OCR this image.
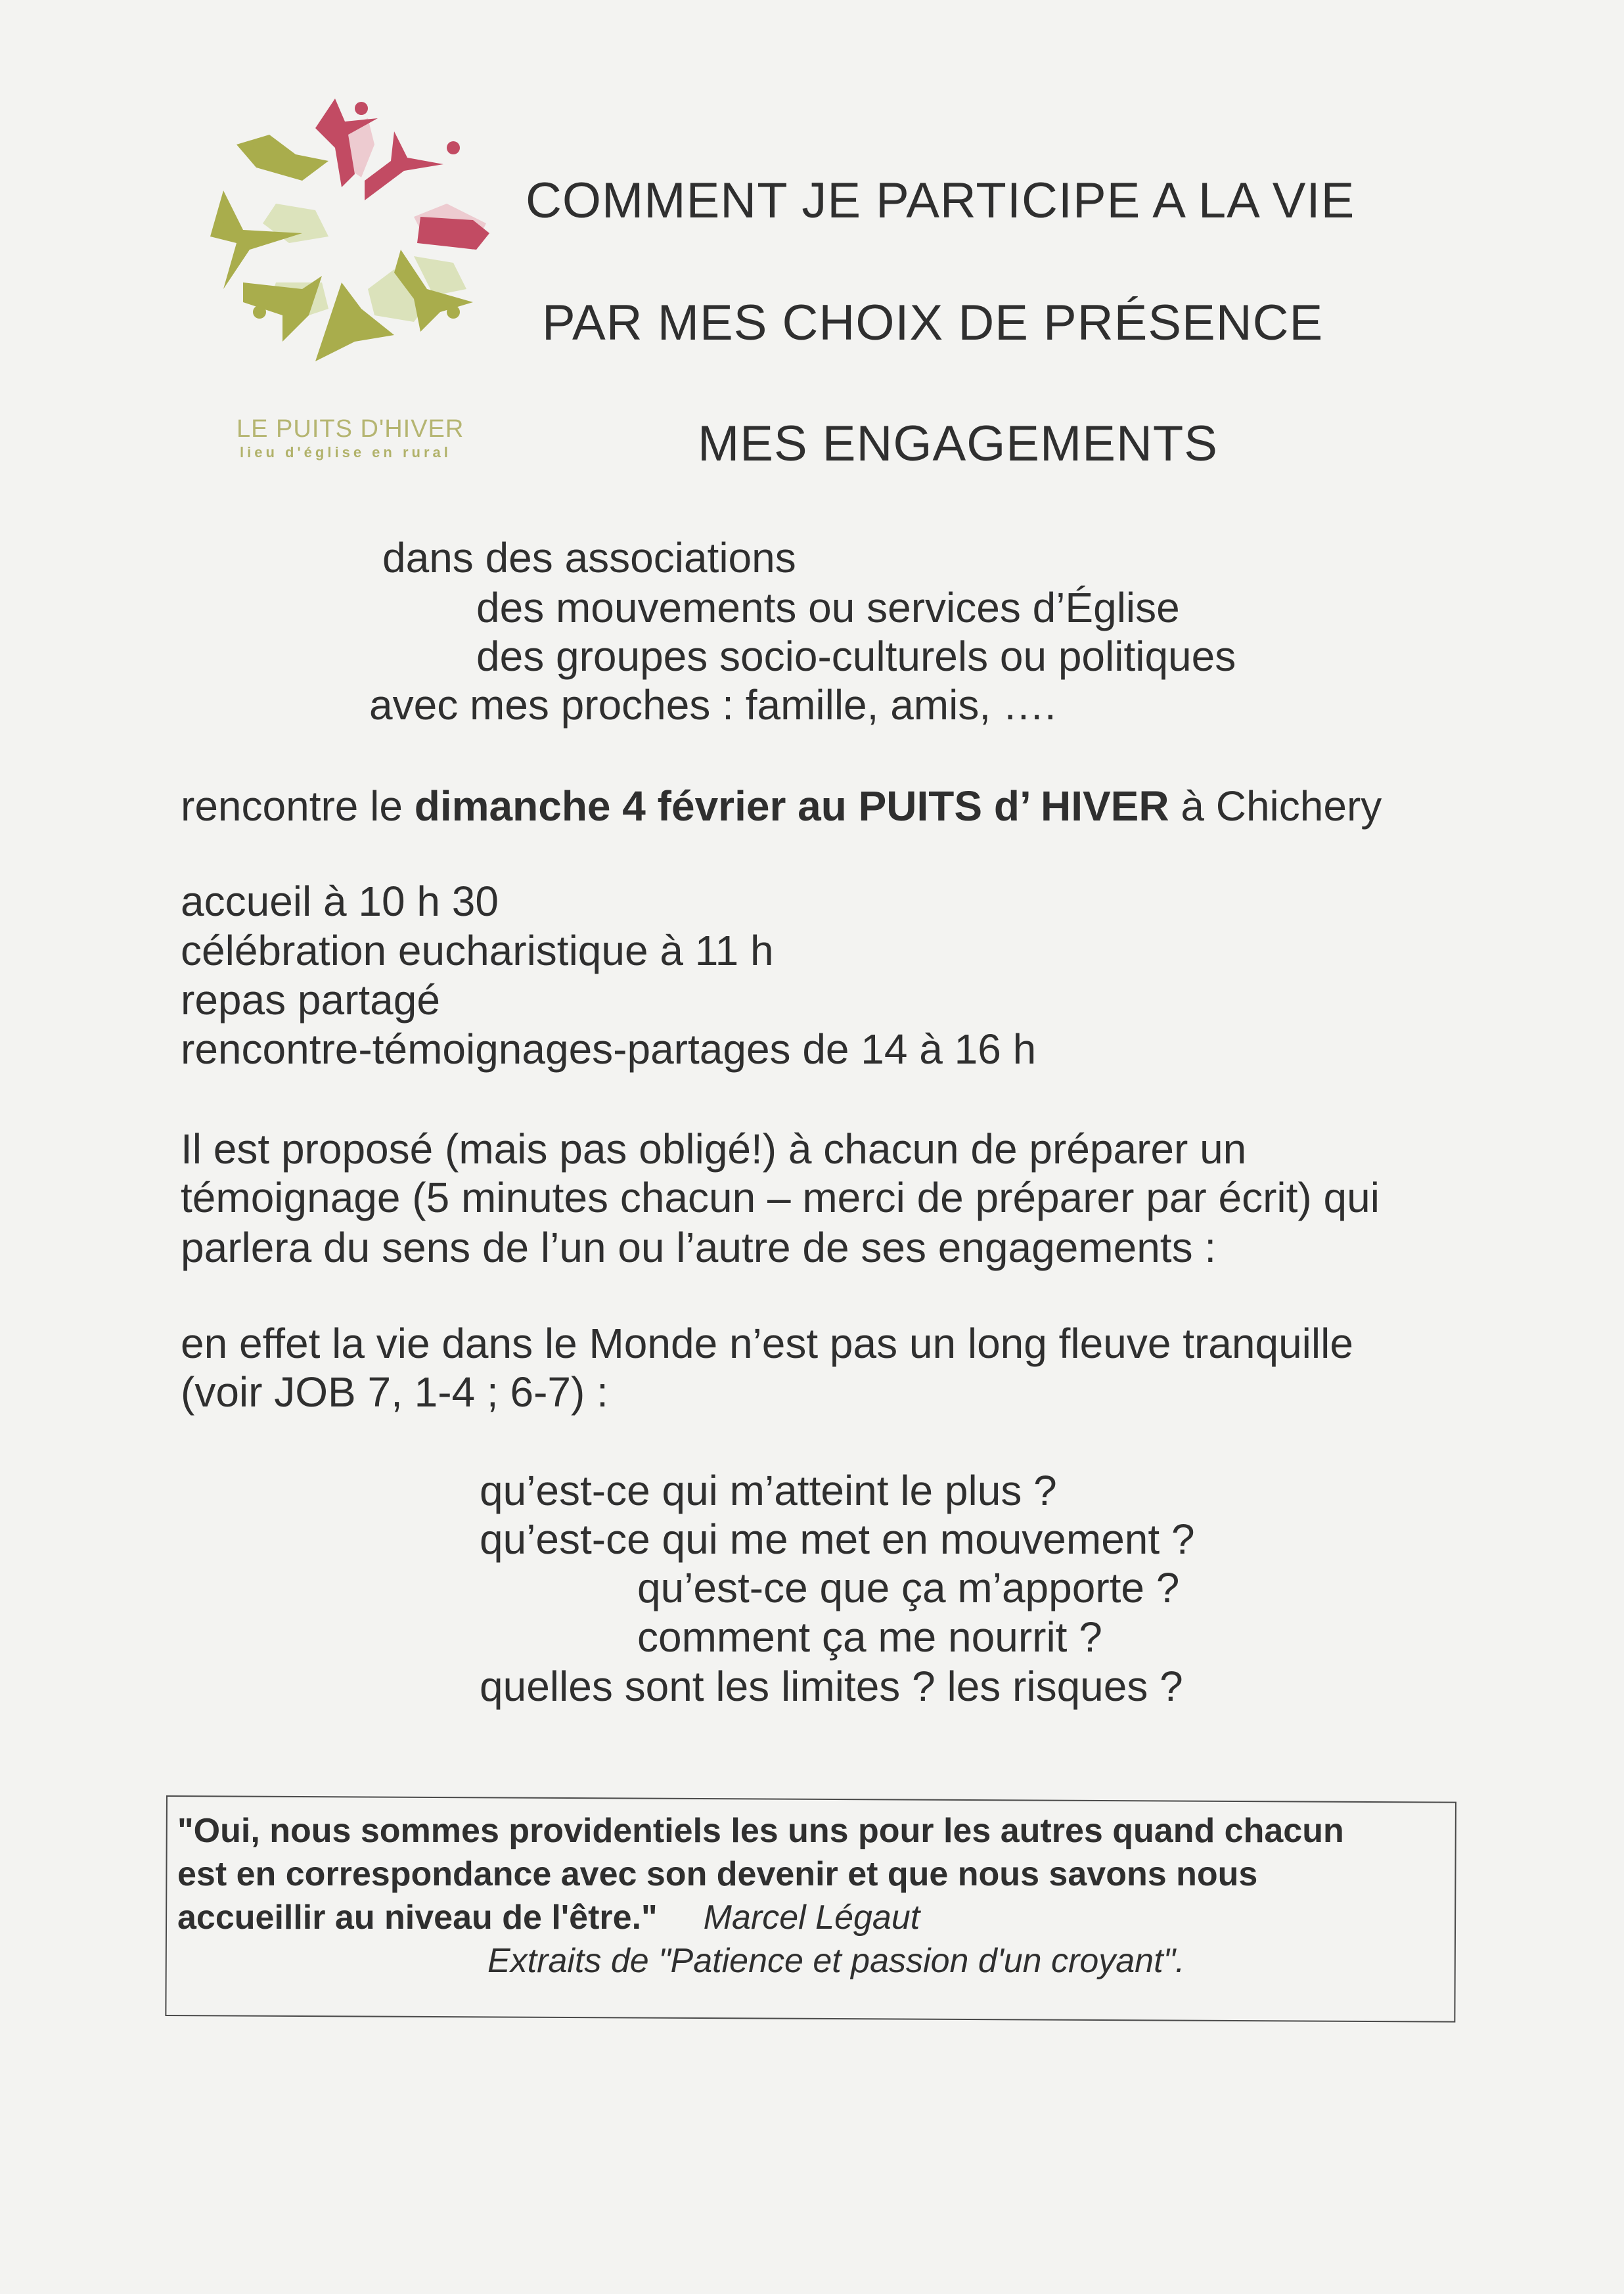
LE PUITS D'HIVER
lieu d'église en rural
COMMENT JE PARTICIPE A LA VIE
PAR MES CHOIX DE PRÉSENCE
MES ENGAGEMENTS
dans des associations
des mouvements ou services d’Église
des groupes socio-culturels ou politiques
avec mes proches : famille, amis, ….
rencontre le dimanche 4 février au PUITS d’ HIVER à Chichery
accueil à 10 h 30
célébration eucharistique à 11 h
repas partagé
rencontre-témoignages-partages de 14 à 16 h
Il est proposé (mais pas obligé!) à chacun de préparer un
témoignage (5 minutes chacun – merci de préparer par écrit) qui
parlera du sens de l’un ou l’autre de ses engagements :
en effet la vie dans le Monde n’est pas un long fleuve tranquille
(voir JOB 7, 1-4 ; 6-7) :
qu’est-ce qui m’atteint le plus ?
qu’est-ce qui me met en mouvement ?
qu’est-ce que ça m’apporte ?
comment ça me nourrit ?
quelles sont les limites ? les risques ?
"Oui, nous sommes providentiels les uns pour les autres quand chacun
est en correspondance avec son devenir et que nous savons nous
accueillir au niveau de l'être." Marcel Légaut
Extraits de "Patience et passion d'un croyant".
